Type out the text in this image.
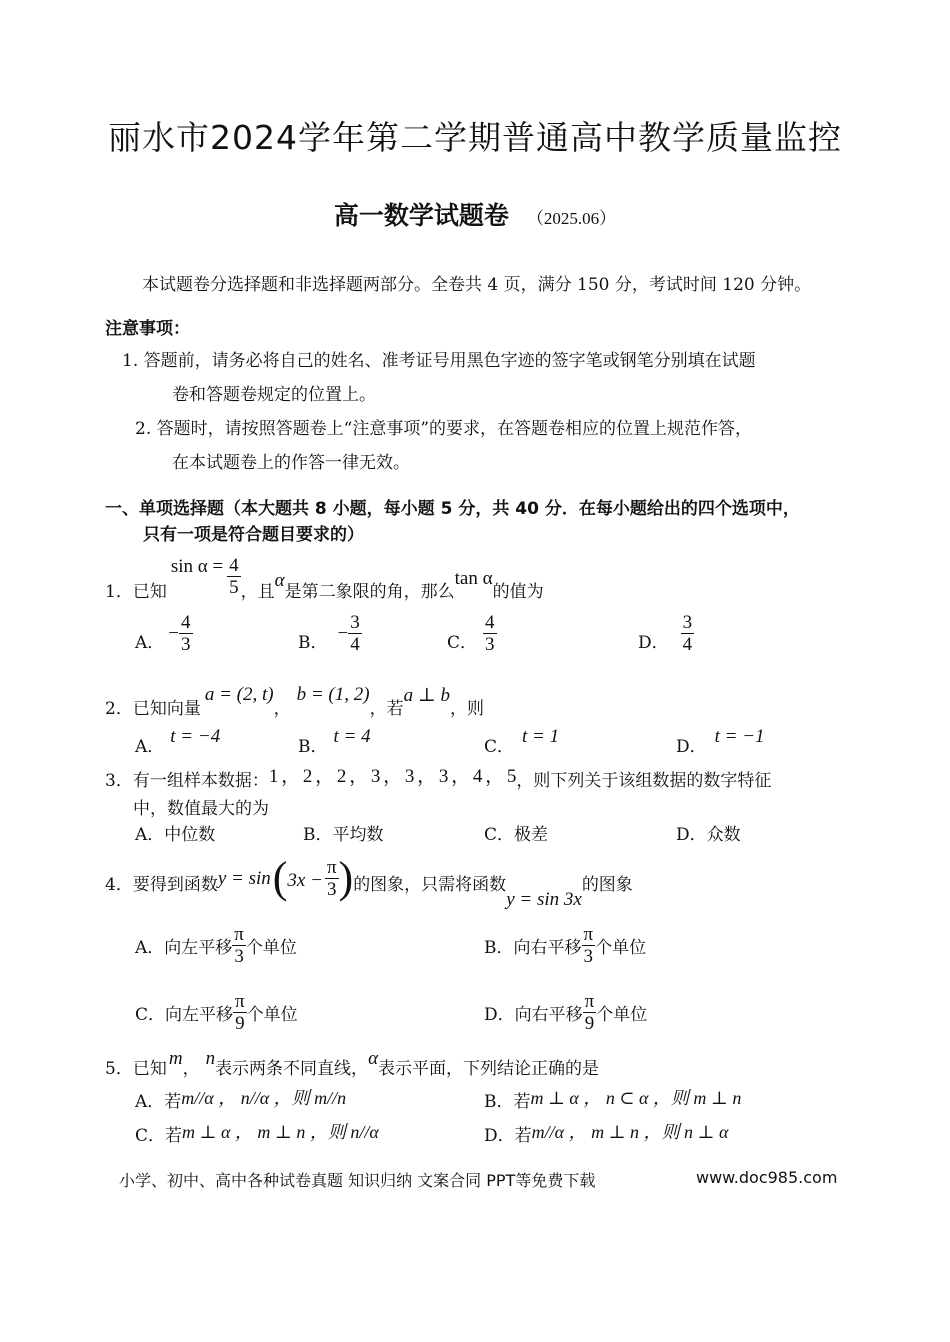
丽水市2024学年第二学期普通高中教学质量监控
高一数学试题卷 （2025.06）
本试题卷分选择题和非选择题两部分。全卷共 4 页，满分 150 分，考试时间 120 分钟。
注意事项：
1. 答题前，请务必将自己的姓名、准考证号用黑色字迹的签字笔或钢笔分别填在试题
卷和答题卷规定的位置上。
2. 答题时，请按照答题卷上“注意事项”的要求，在答题卷相应的位置上规范作答，
在本试题卷上的作答一律无效。
一、单项选择题（本大题共 8 小题，每小题 5 分，共 40 分．在每小题给出的四个选项中，
只有一项是符合题目要求的）
1．已知
$\sin \alpha = \frac{4}{5}$ ，且
α
是第二象限的角，那么
tan α
的值为
A． − $\frac{4}{3}$	B． − $\frac{3}{4}$	C． $\frac{4}{3}$	D． $\frac{3}{4}$
2．已知向量
a = (2, t)
，
b = (1, 2)
，若
a ⊥ b
，则
A． t = −4	B． t = 4	C． t = 1	D． t = −1
3．有一组样本数据： 1 ， 2 ， 2 ， 3 ， 3 ， 3 ， 4 ， 5 ，则下列关于该组数据的数字特征
中，数值最大的为
A．中位数	B．平均数	C．极差	D．众数
4．要得到函数 y = sin ( $3x - \frac{\pi}{3}$ ) 的图象，只需将函数
y = sin 3x
的图象
A． 向左平移 $\frac{\pi}{3}$ 个单位	B． 向右平移 $\frac{\pi}{3}$ 个单位
C． 向左平移 $\frac{\pi}{9}$ 个单位	D． 向右平移 $\frac{\pi}{9}$ 个单位
5．已知 m ， n 表示两条不同直线， α 表示平面，下列结论正确的是
A．若 m//α ， n//α ，则 m//n	B．若 m ⊥ α ， n ⊂ α ，则 m ⊥ n
C．若 m ⊥ α ， m ⊥ n ，则 n//α	D．若 m//α ， m ⊥ n ，则 n ⊥ α
小学、初中、高中各种试卷真题 知识归纳 文案合同 PPT等免费下载	www.doc985.com
